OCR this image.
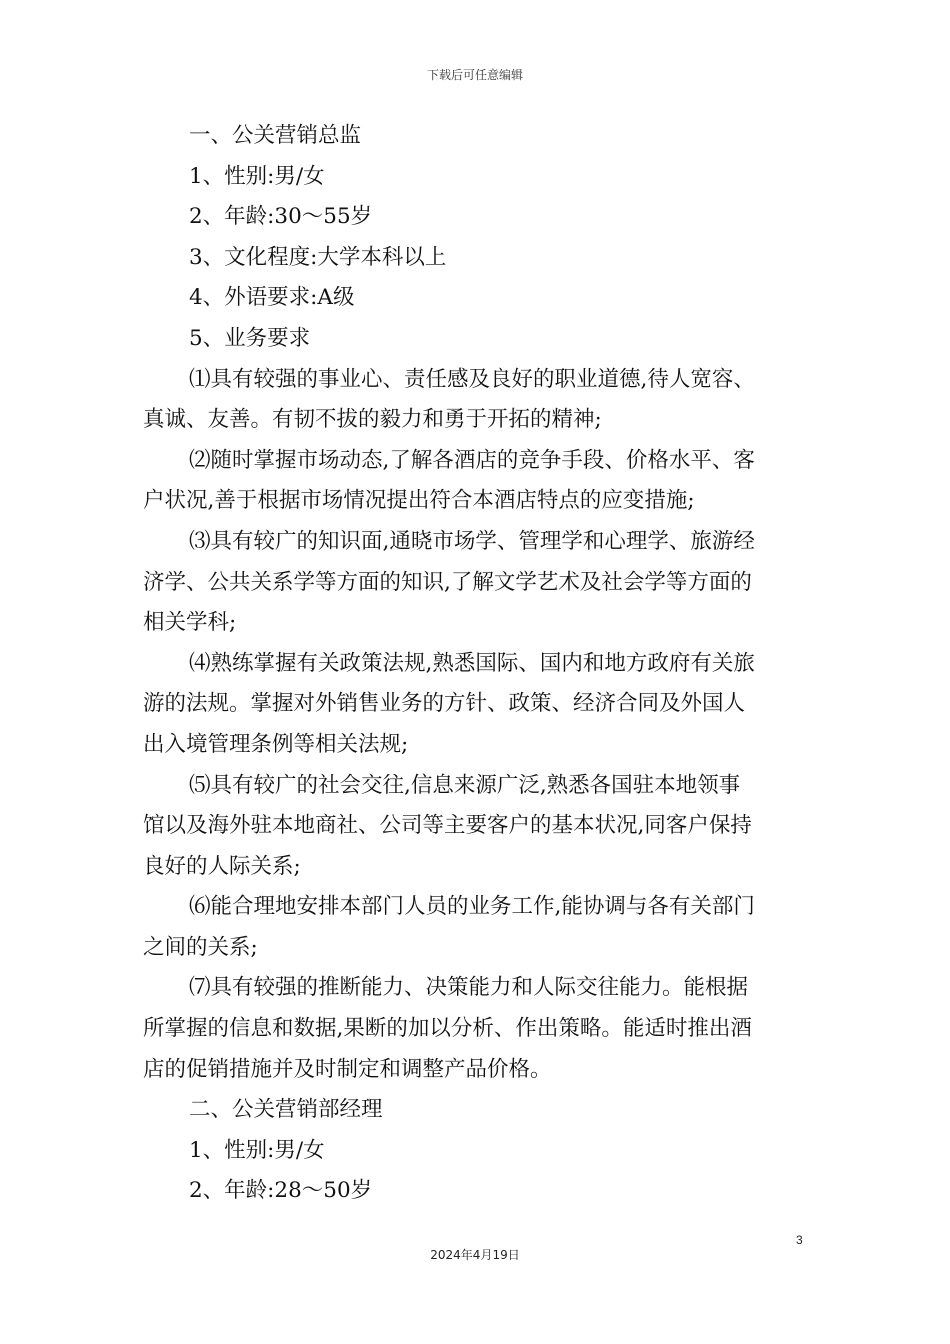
下载后可任意编辑
一、公关营销总监
1、性别:男/女
2、年龄:30～55岁
3、文化程度:大学本科以上
4、外语要求:A级
5、业务要求
⑴具有较强的事业心、责任感及良好的职业道德,待人宽容、
真诚、友善。有韧不拔的毅力和勇于开拓的精神;
⑵随时掌握市场动态,了解各酒店的竞争手段、价格水平、客
户状况,善于根据市场情况提出符合本酒店特点的应变措施;
⑶具有较广的知识面,通晓市场学、管理学和心理学、旅游经
济学、公共关系学等方面的知识,了解文学艺术及社会学等方面的
相关学科;
⑷熟练掌握有关政策法规,熟悉国际、国内和地方政府有关旅
游的法规。掌握对外销售业务的方针、政策、经济合同及外国人
出入境管理条例等相关法规;
⑸具有较广的社会交往,信息来源广泛,熟悉各国驻本地领事
馆以及海外驻本地商社、公司等主要客户的基本状况,同客户保持
良好的人际关系;
⑹能合理地安排本部门人员的业务工作,能协调与各有关部门
之间的关系;
⑺具有较强的推断能力、决策能力和人际交往能力。能根据
所掌握的信息和数据,果断的加以分析、作出策略。能适时推出酒
店的促销措施并及时制定和调整产品价格。
二、公关营销部经理
1、性别:男/女
2、年龄:28～50岁
3
2024年4月19日
